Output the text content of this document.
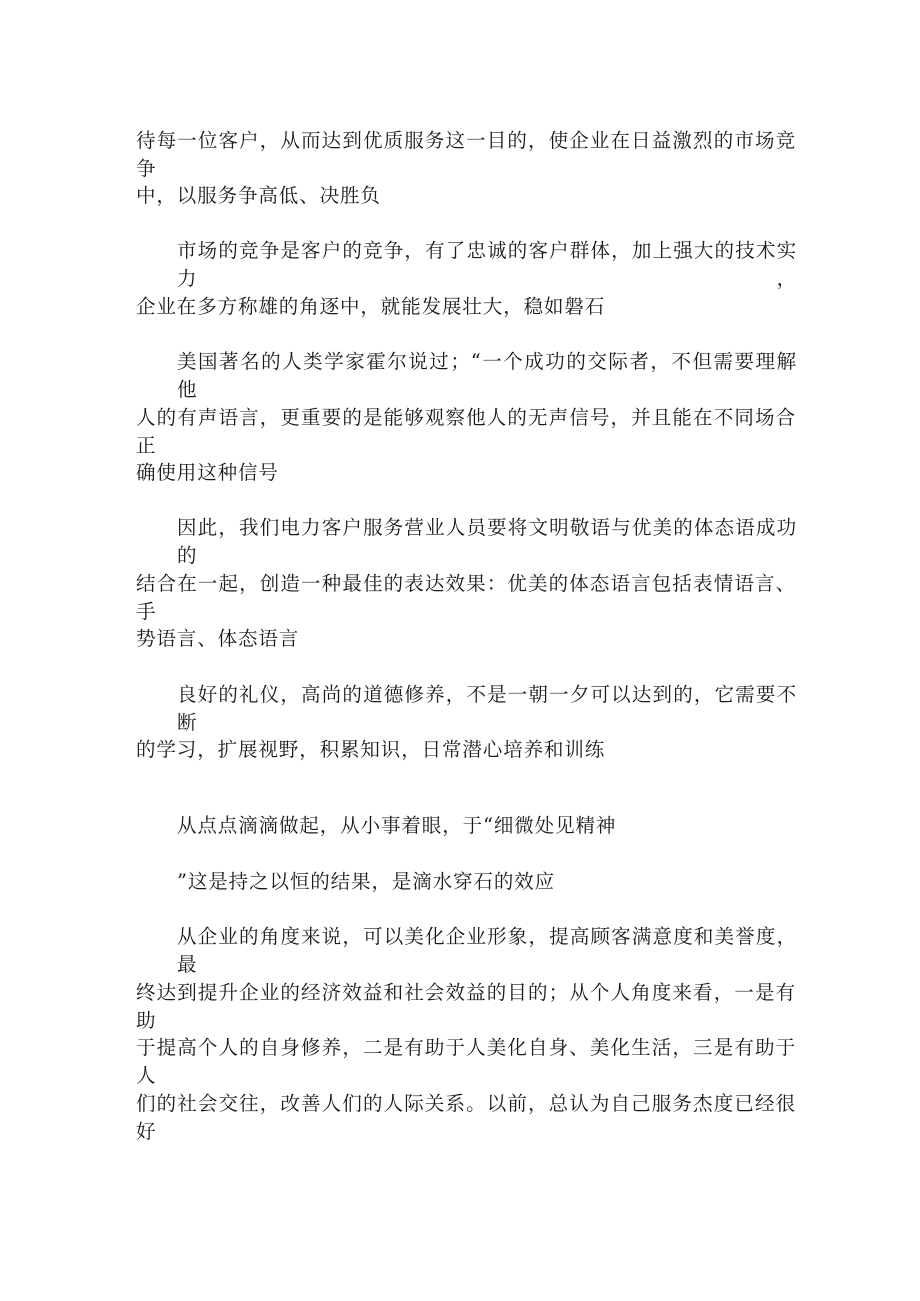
待每一位客户，从而达到优质服务这一目的，使企业在日益激烈的市场竞争
中，以服务争高低、决胜负
市场的竞争是客户的竞争，有了忠诚的客户群体，加上强大的技术实力，
企业在多方称雄的角逐中，就能发展壮大，稳如磐石
美国著名的人类学家霍尔说过；“一个成功的交际者，不但需要理解他
人的有声语言，更重要的是能够观察他人的无声信号，并且能在不同场合正
确使用这种信号
因此，我们电力客户服务营业人员要将文明敬语与优美的体态语成功的
结合在一起，创造一种最佳的表达效果：优美的体态语言包括表情语言、手
势语言、体态语言
良好的礼仪，高尚的道德修养，不是一朝一夕可以达到的，它需要不断
的学习，扩展视野，积累知识，日常潜心培养和训练
从点点滴滴做起，从小事着眼，于“细微处见精神
”这是持之以恒的结果，是滴水穿石的效应
从企业的角度来说，可以美化企业形象，提高顾客满意度和美誉度，最
终达到提升企业的经济效益和社会效益的目的；从个人角度来看，一是有助
于提高个人的自身修养，二是有助于人美化自身、美化生活，三是有助于人
们的社会交往，改善人们的人际关系。以前，总认为自己服务杰度已经很好
